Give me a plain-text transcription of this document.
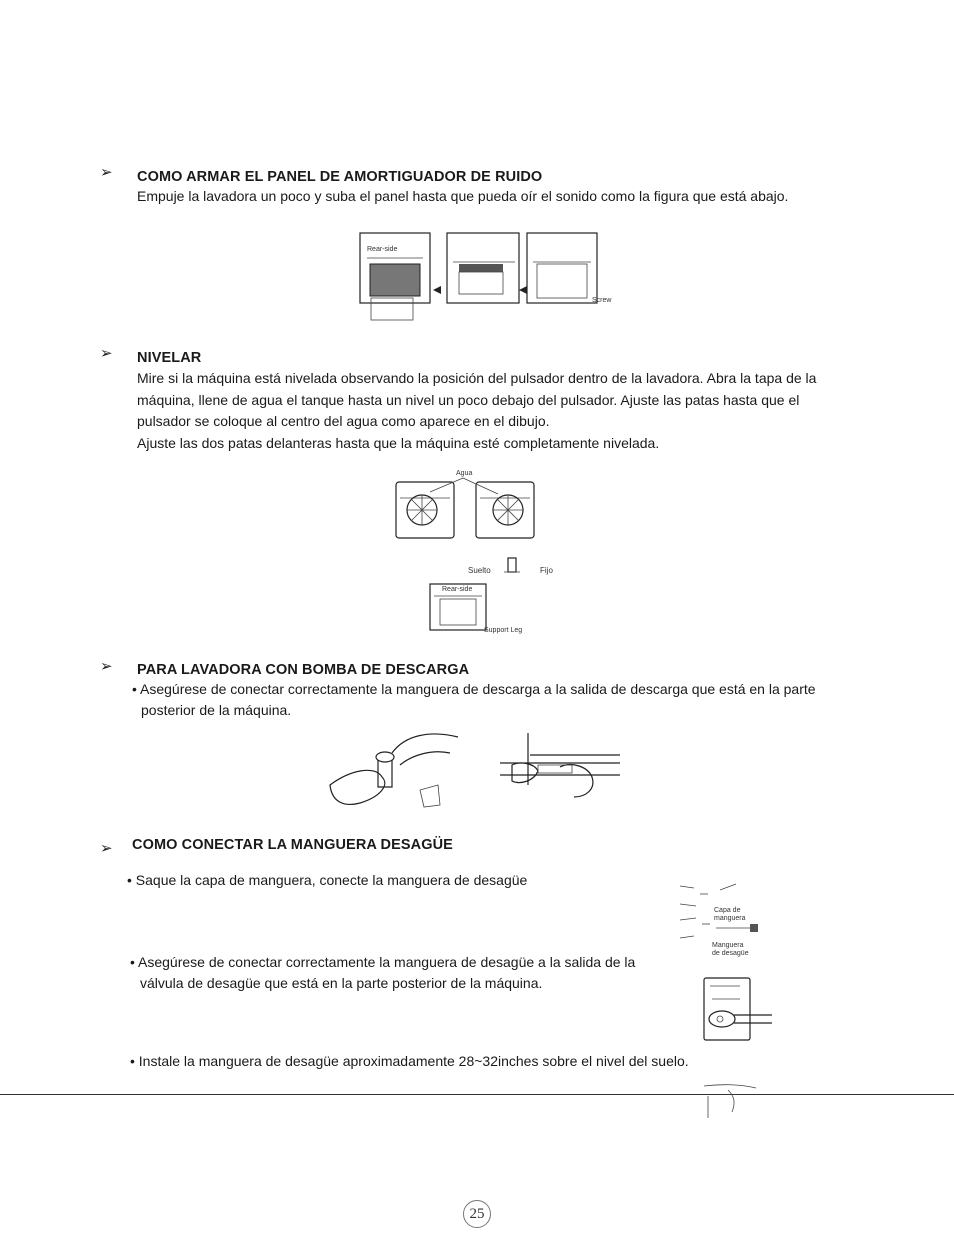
➢ COMO ARMAR EL PANEL DE AMORTIGUADOR DE RUIDO
Empuje la lavadora un poco y suba el panel hasta que pueda oír el sonido como la figura que está abajo.
Rear-side
Screw
➢ NIVELAR

Mire si la máquina está nivelada observando la posición del pulsador dentro de la lavadora. Abra la tapa de la

máquina, llene de agua el tanque hasta un nivel un poco debajo del pulsador. Ajuste las patas hasta que el

pulsador se coloque al centro del agua como aparece en el dibujo.

Ajuste las dos patas delanteras hasta que la máquina esté completamente nivelada.

Agua
Suelto	Fijo
Rear-side
Support Leg
➢ PARA LAVADORA CON BOMBA DE DESCARGA
• Asegúrese de conectar correctamente la manguera de descarga a la salida de descarga que está en la parte
posterior de la máquina.
➢ COMO CONECTAR LA MANGUERA DESAGÜE
• Saque la capa de manguera, conecte la manguera de desagüe
• Asegúrese de conectar correctamente la manguera de desagüe a la salida de la
válvula de desagüe que está en la parte posterior de la máquina.
• Instale la manguera de desagüe aproximadamente 28~32inches sobre el nivel del suelo.
Capa de
manguera
Manguera
de desagüe
25
